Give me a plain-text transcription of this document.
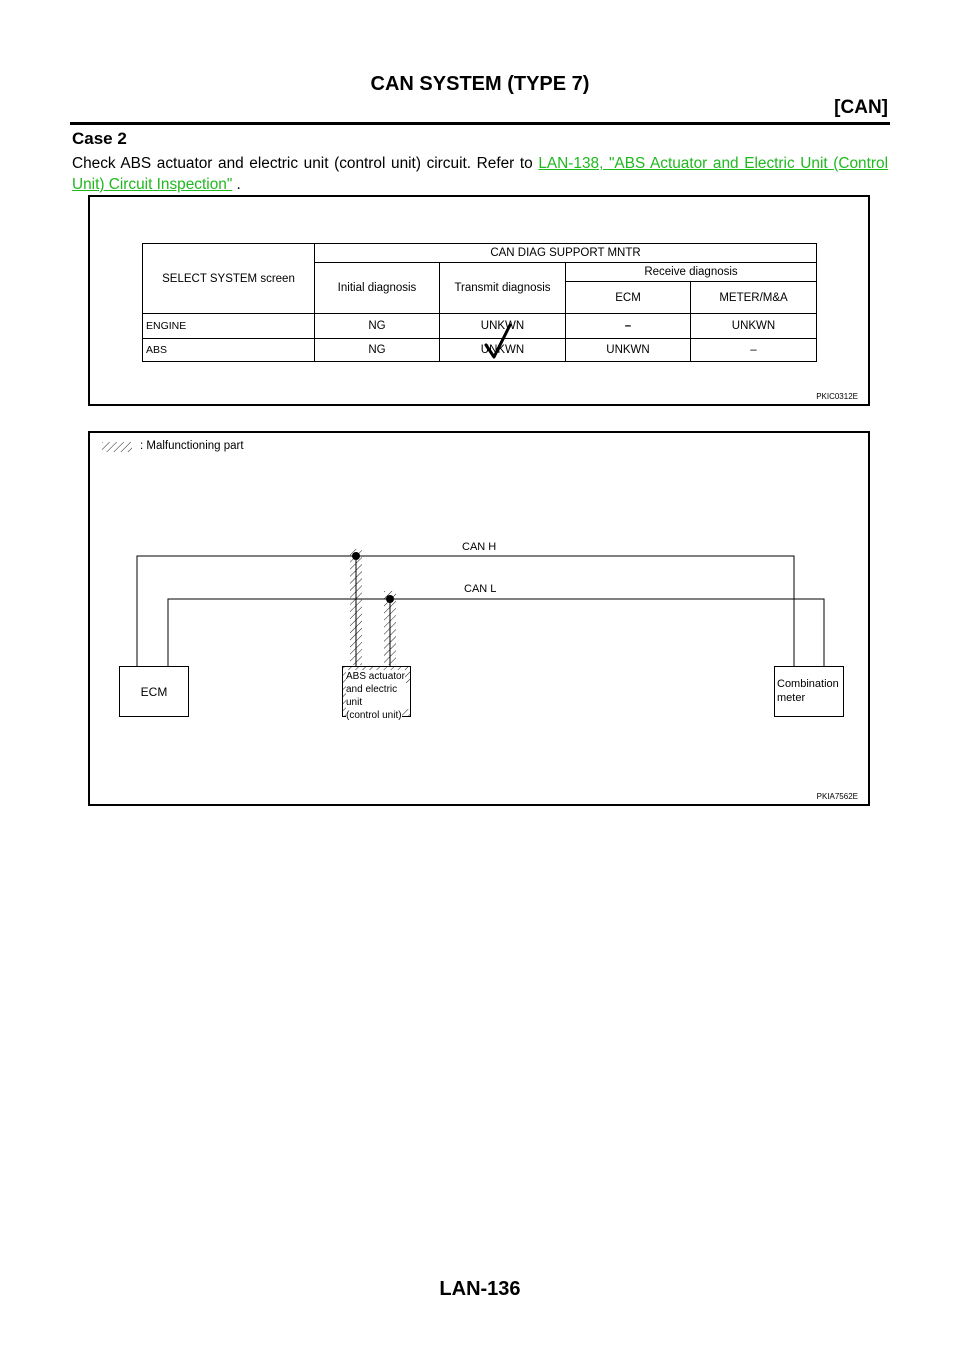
CAN SYSTEM (TYPE 7)
[CAN]
Case 2

Check ABS actuator and electric unit (control unit) circuit. Refer to LAN-138, "ABS Actuator and Electric Unit (Control Unit) Circuit Inspection" .

SELECT SYSTEM screen	CAN DIAG SUPPORT MNTR			
	Initial diagnosis	Transmit diagnosis	Receive diagnosis	
			ECM	METER/M&A
ENGINE	NG	UNKWN	–	UNKWN
ABS	NG	UNKWN	UNKWN	–
PKIC0312E
: Malfunctioning part
CAN H
CAN L
ECM
ABS actuator
and electric unit
(control unit)
Combination
meter
PKIA7562E
LAN-136
